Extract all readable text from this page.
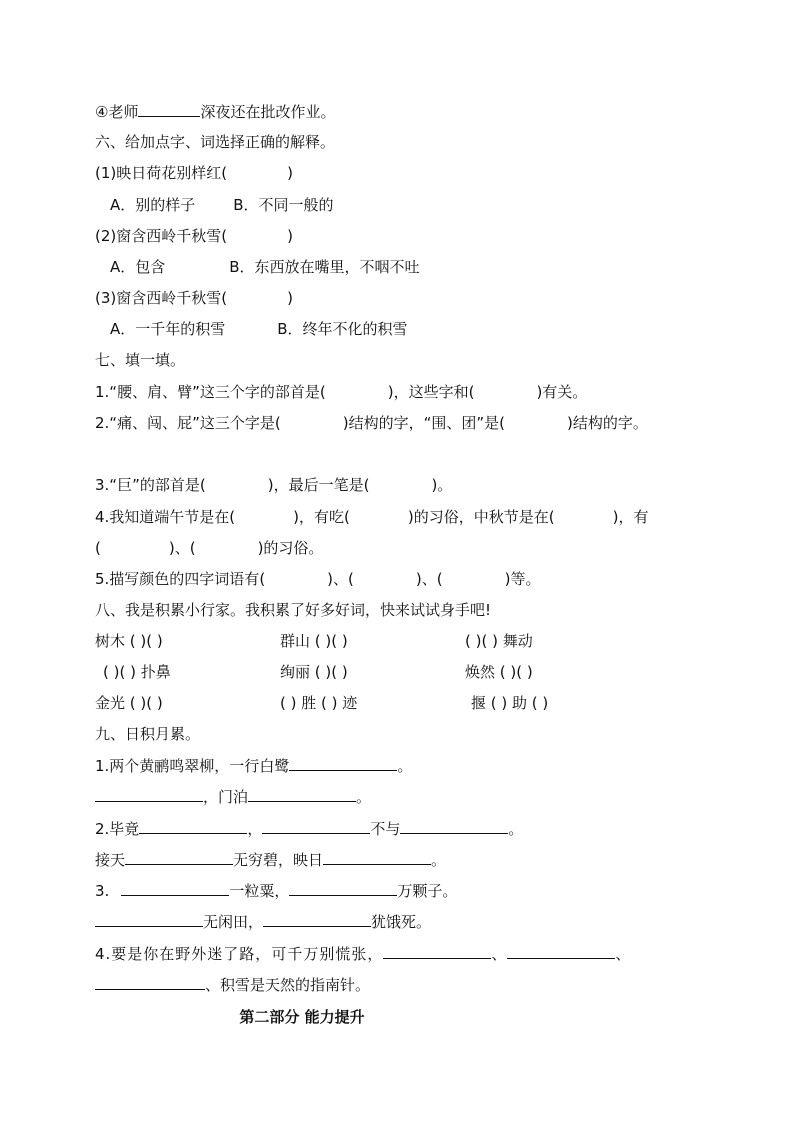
④老师	深夜还在批改作业。
六、给加点字、词选择正确的解释。
(1)映日荷花别样红(	)
A．别的样子	B．不同一般的
(2)窗含西岭千秋雪(	)
A．包含	B．东西放在嘴里，不咽不吐
(3)窗含西岭千秋雪(	)
A．一千年的积雪	B．终年不化的积雪
七、填一填。
1.“腰、肩、臂”这三个字的部首是(	)，这些字和(	)有关。
2.“痛、闯、屁”这三个字是(	)结构的字，“围、团”是(	)结构的字。
3.“巨”的部首是(	)，最后一笔是(	)。
4.我知道端午节是在(	)，有吃(	)的习俗，中秋节是在(	)，有
(	)、(	)的习俗。
5.描写颜色的四字词语有(	)、(	)、(	)等。
八、我是积累小行家。我积累了好多好词，快来试试身手吧!
树木 ( )( )	群山 ( )( )	( )( ) 舞动
( )( ) 扑鼻	绚丽 ( )( )	焕然 ( )( )
金光 ( )( )	( ) 胜 ( ) 迹	揠 ( ) 助 ( )
九、日积月累。
1.两个黄鹂鸣翠柳，一行白鹭	。
，门泊	。
2.毕竟	，	不与	。
接天	无穷碧，映日	。
3.	一粒粟，	万颗子。
无闲田，	犹饿死。
4.要是你在野外迷了路，可千万别慌张，	、	、
、积雪是天然的指南针。
第二部分 能力提升
